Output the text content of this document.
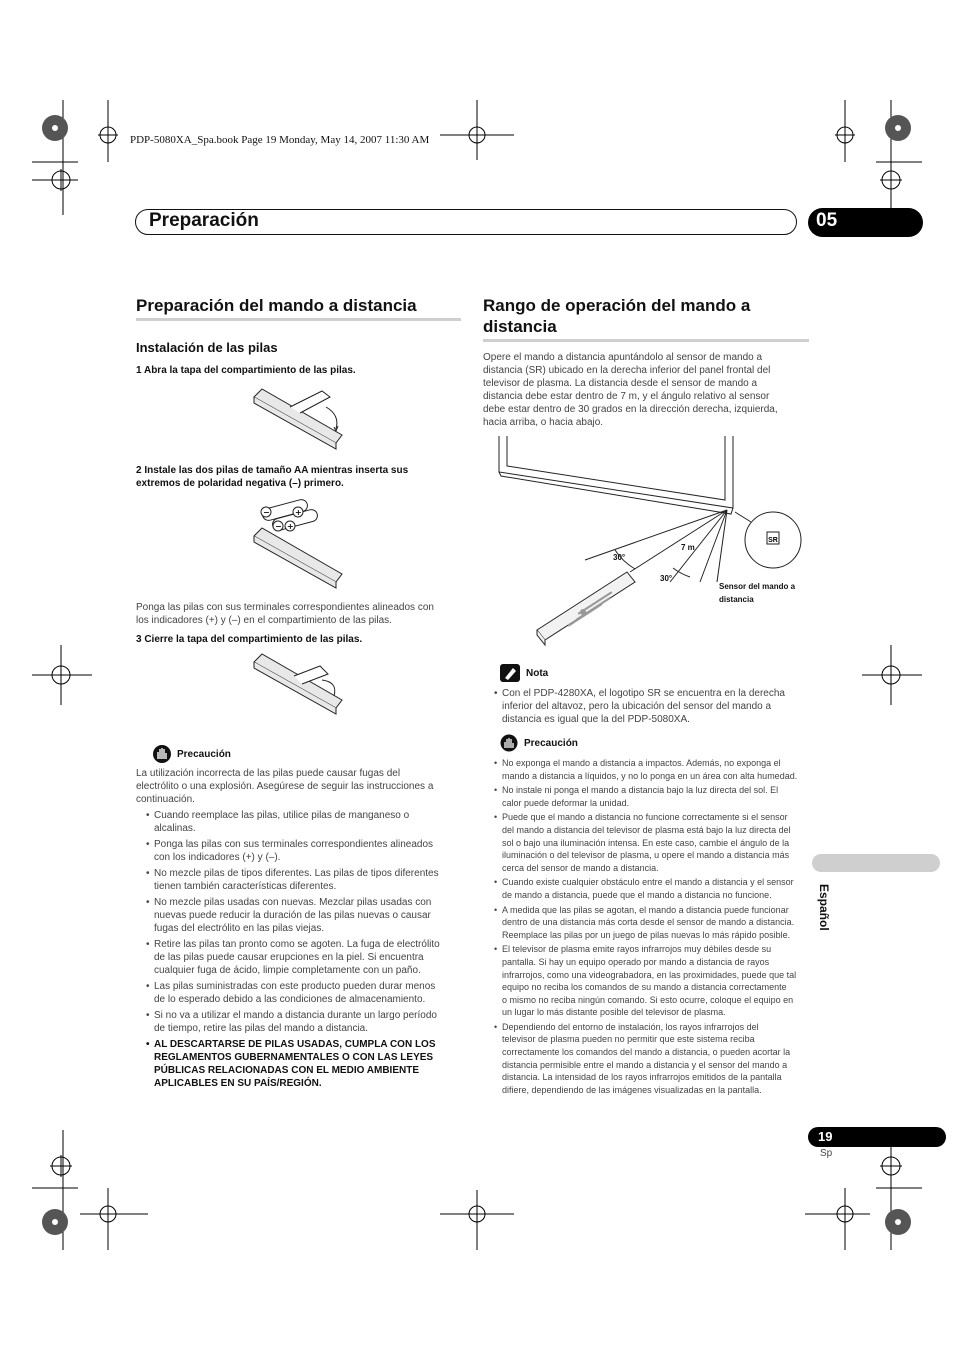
PDP-5080XA_Spa.book Page 19 Monday, May 14, 2007 11:30 AM
Preparación	05
Preparación del mando a distancia
Instalación de las pilas
1 Abra la tapa del compartimiento de las pilas.
2 Instale las dos pilas de tamaño AA mientras inserta sus
extremos de polaridad negativa (–) primero.
−
−
+
+
Ponga las pilas con sus terminales correspondientes alineados con
los indicadores (+) y (–) en el compartimiento de las pilas.
3 Cierre la tapa del compartimiento de las pilas.
Precaución
La utilización incorrecta de las pilas puede causar fugas del
electrólito o una explosión. Asegúrese de seguir las instrucciones a
continuación.
• Cuando reemplace las pilas, utilice pilas de manganeso o
alcalinas.
• Ponga las pilas con sus terminales correspondientes alineados
con los indicadores (+) y (–).
• No mezcle pilas de tipos diferentes. Las pilas de tipos diferentes
tienen también características diferentes.
• No mezcle pilas usadas con nuevas. Mezclar pilas usadas con
nuevas puede reducir la duración de las pilas nuevas o causar
fugas del electrólito en las pilas viejas.
• Retire las pilas tan pronto como se agoten. La fuga de electrólito
de las pilas puede causar erupciones en la piel. Si encuentra
cualquier fuga de ácido, limpie completamente con un paño.
• Las pilas suministradas con este producto pueden durar menos
de lo esperado debido a las condiciones de almacenamiento.
• Si no va a utilizar el mando a distancia durante un largo período
de tiempo, retire las pilas del mando a distancia.
• AL DESCARTARSE DE PILAS USADAS, CUMPLA CON LOS
REGLAMENTOS GUBERNAMENTALES O CON LAS LEYES
PÚBLICAS RELACIONADAS CON EL MEDIO AMBIENTE
APLICABLES EN SU PAÍS/REGIÓN.
Rango de operación del mando a
distancia
Opere el mando a distancia apuntándolo al sensor de mando a
distancia (SR) ubicado en la derecha inferior del panel frontal del
televisor de plasma. La distancia desde el sensor de mando a
distancia debe estar dentro de 7 m, y el ángulo relativo al sensor
debe estar dentro de 30 grados en la dirección derecha, izquierda,
hacia arriba, o hacia abajo.
SR
30°
7 m
30°
Sensor del mando a
distancia
Nota
• Con el PDP-4280XA, el logotipo SR se encuentra en la derecha
inferior del altavoz, pero la ubicación del sensor del mando a
distancia es igual que la del PDP-5080XA.
Precaución
• No exponga el mando a distancia a impactos. Además, no exponga el
mando a distancia a líquidos, y no lo ponga en un área con alta humedad.
• No instale ni ponga el mando a distancia bajo la luz directa del sol. El
calor puede deformar la unidad.
• Puede que el mando a distancia no funcione correctamente si el sensor
del mando a distancia del televisor de plasma está bajo la luz directa del
sol o bajo una iluminación intensa. En este caso, cambie el ángulo de la
iluminación o del televisor de plasma, u opere el mando a distancia más
cerca del sensor de mando a distancia.
• Cuando existe cualquier obstáculo entre el mando a distancia y el sensor
de mando a distancia, puede que el mando a distancia no funcione.
• A medida que las pilas se agotan, el mando a distancia puede funcionar
dentro de una distancia más corta desde el sensor de mando a distancia.
Reemplace las pilas por un juego de pilas nuevas lo más rápido posible.
• El televisor de plasma emite rayos infrarrojos muy débiles desde su
pantalla. Si hay un equipo operado por mando a distancia de rayos
infrarrojos, como una videograbadora, en las proximidades, puede que tal
equipo no reciba los comandos de su mando a distancia correctamente
o mismo no reciba ningún comando. Si esto ocurre, coloque el equipo en
un lugar lo más distante posible del televisor de plasma.
• Dependiendo del entorno de instalación, los rayos infrarrojos del
televisor de plasma pueden no permitir que este sistema reciba
correctamente los comandos del mando a distancia, o pueden acortar la
distancia permisible entre el mando a distancia y el sensor del mando a
distancia. La intensidad de los rayos infrarrojos emitidos de la pantalla
difiere, dependiendo de las imágenes visualizadas en la pantalla.
Español
19
Sp
